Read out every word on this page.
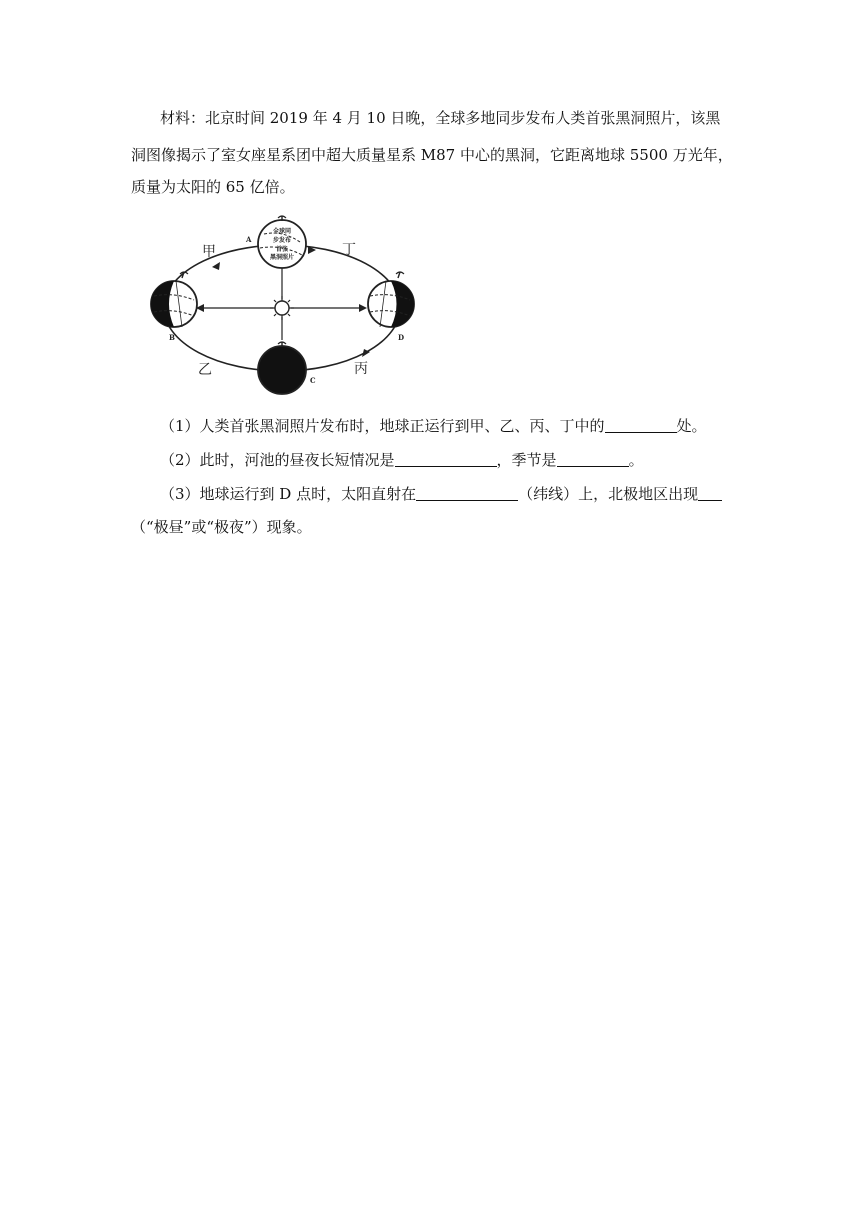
材料：北京时间 2019 年 4 月 10 日晚，全球多地同步发布人类首张黑洞照片，该黑
洞图像揭示了室女座星系团中超大质量星系 M87 中心的黑洞，它距离地球 5500 万光年，
质量为太阳的 65 亿倍。
全球同
步发布
首张
黑洞照片
甲	丁
乙	丙
A
B
C
D
（1）人类首张黑洞照片发布时，地球正运行到甲、乙、丙、丁中的	处。
（2）此时，河池的昼夜长短情况是	，季节是	。
（3）地球运行到 D 点时，太阳直射在	（纬线）上，北极地区出现
（“极昼”或“极夜”）现象。
